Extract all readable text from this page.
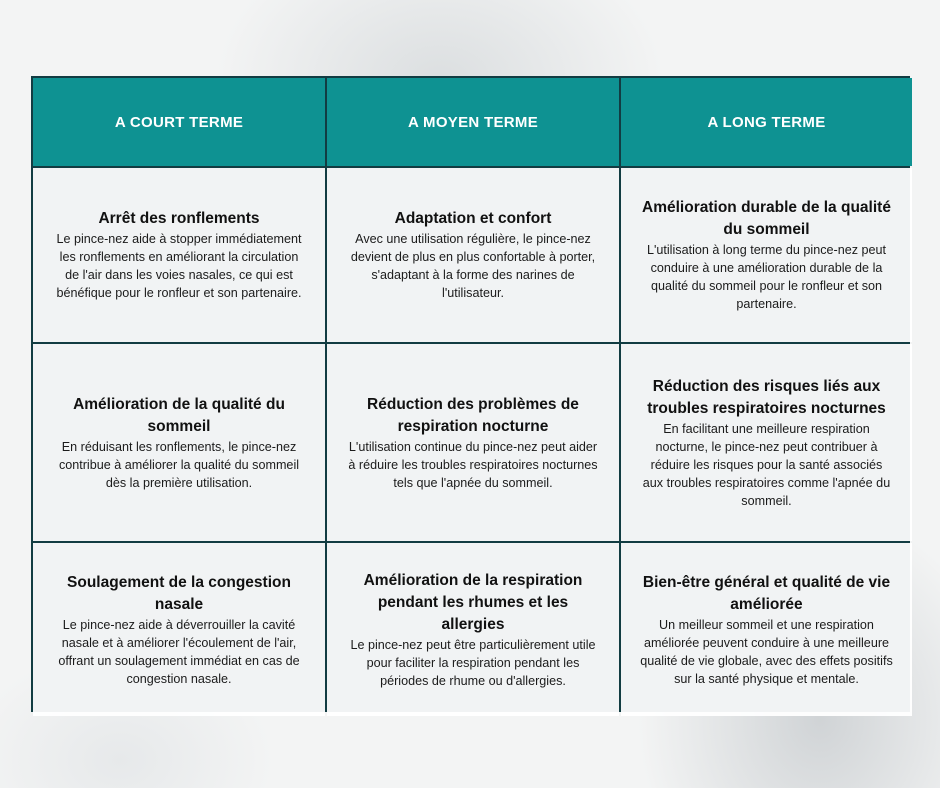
A COURT TERME	A MOYEN TERME	A LONG TERME
Arrêt des ronflements

Le pince-nez aide à stopper immédiatement les ronflements en améliorant la circulation de l'air dans les voies nasales, ce qui est bénéfique pour le ronfleur et son partenaire.

Adaptation et confort

Avec une utilisation régulière, le pince-nez devient de plus en plus confortable à porter, s'adaptant à la forme des narines de l'utilisateur.

Amélioration durable de la qualité du sommeil

L'utilisation à long terme du pince-nez peut conduire à une amélioration durable de la qualité du sommeil pour le ronfleur et son partenaire.

Amélioration de la qualité du sommeil

En réduisant les ronflements, le pince-nez contribue à améliorer la qualité du sommeil dès la première utilisation.

Réduction des problèmes de respiration nocturne

L'utilisation continue du pince-nez peut aider à réduire les troubles respiratoires nocturnes tels que l'apnée du sommeil.

Réduction des risques liés aux troubles respiratoires nocturnes

En facilitant une meilleure respiration nocturne, le pince-nez peut contribuer à réduire les risques pour la santé associés aux troubles respiratoires comme l'apnée du sommeil.

Soulagement de la congestion nasale

Le pince-nez aide à déverrouiller la cavité nasale et à améliorer l'écoulement de l'air, offrant un soulagement immédiat en cas de congestion nasale.

Amélioration de la respiration pendant les rhumes et les allergies

Le pince-nez peut être particulièrement utile pour faciliter la respiration pendant les périodes de rhume ou d'allergies.

Bien-être général et qualité de vie améliorée

Un meilleur sommeil et une respiration améliorée peuvent conduire à une meilleure qualité de vie globale, avec des effets positifs sur la santé physique et mentale.
